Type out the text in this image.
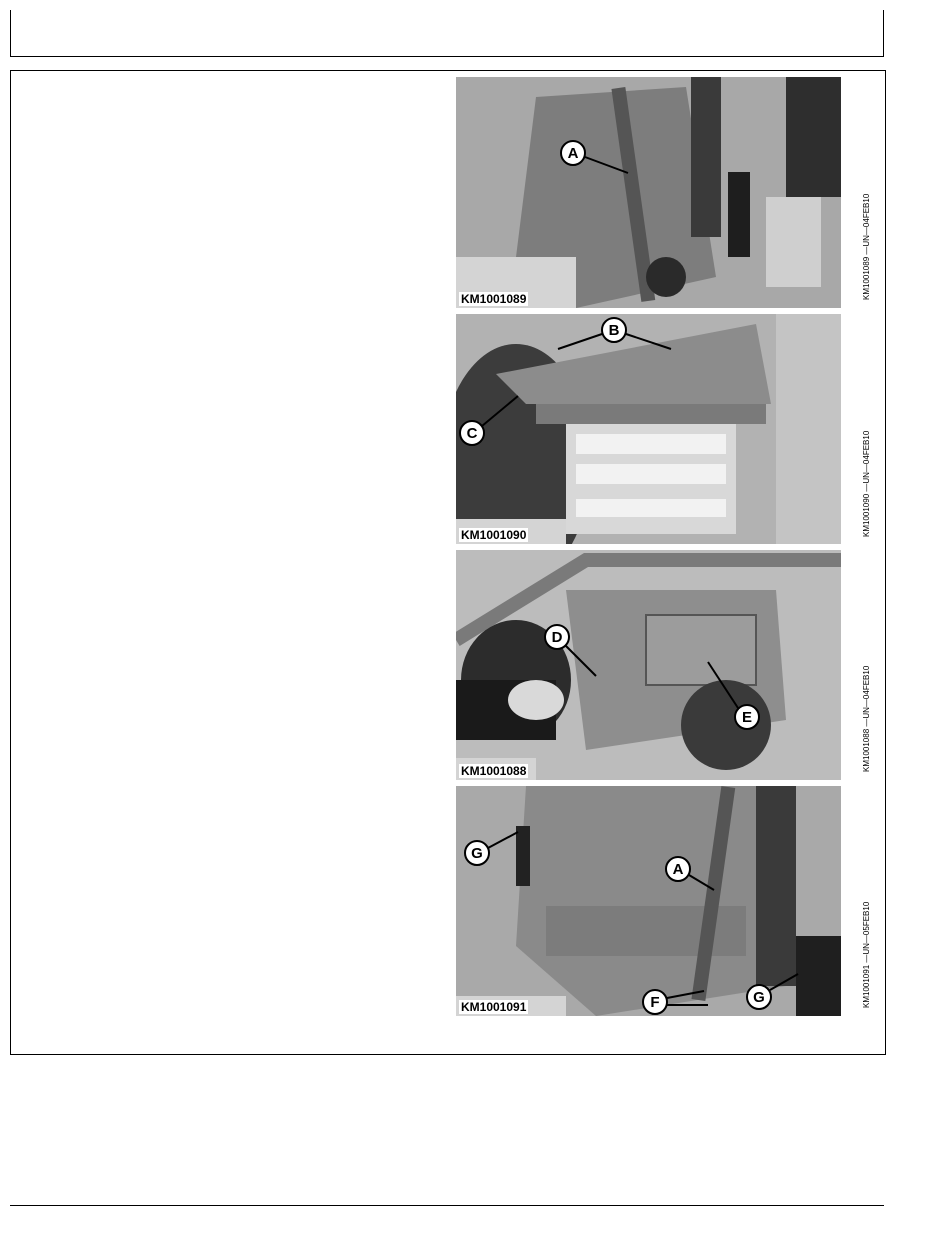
A
KM1001089	KM1001089 —UN—04FEB10
B
C
KM1001090	KM1001090 —UN—04FEB10
D
E
KM1001088	KM1001088 —UN—04FEB10
G
A
F	G
KM1001091	KM1001091 —UN—05FEB10
